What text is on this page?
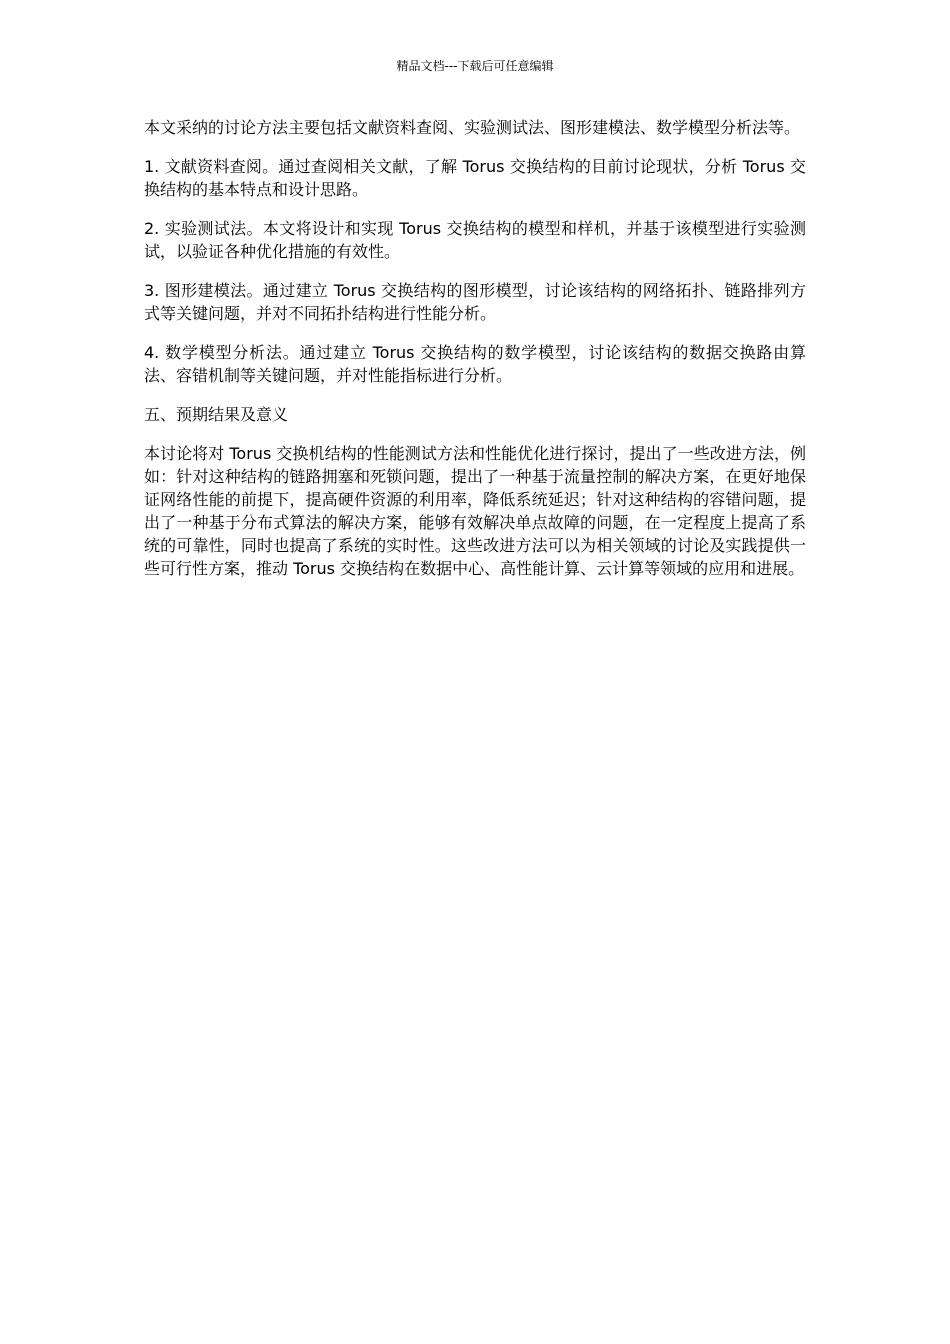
精品文档---下载后可任意编辑

本文采纳的讨论方法主要包括文献资料查阅、实验测试法、图形建模法、数学模型分析法等。

1. 文献资料查阅。通过查阅相关文献，了解 Torus 交换结构的目前讨论现状，分析 Torus 交换结构的基本特点和设计思路。

2. 实验测试法。本文将设计和实现 Torus 交换结构的模型和样机，并基于该模型进行实验测试，以验证各种优化措施的有效性。

3. 图形建模法。通过建立 Torus 交换结构的图形模型，讨论该结构的网络拓扑、链路排列方式等关键问题，并对不同拓扑结构进行性能分析。

4. 数学模型分析法。通过建立 Torus 交换结构的数学模型，讨论该结构的数据交换路由算法、容错机制等关键问题，并对性能指标进行分析。

五、预期结果及意义

本讨论将对 Torus 交换机结构的性能测试方法和性能优化进行探讨，提出了一些改进方法，例如：针对这种结构的链路拥塞和死锁问题，提出了一种基于流量控制的解决方案，在更好地保证网络性能的前提下，提高硬件资源的利用率，降低系统延迟；针对这种结构的容错问题，提出了一种基于分布式算法的解决方案，能够有效解决单点故障的问题，在一定程度上提高了系统的可靠性，同时也提高了系统的实时性。这些改进方法可以为相关领域的讨论及实践提供一些可行性方案，推动 Torus 交换结构在数据中心、高性能计算、云计算等领域的应用和进展。
